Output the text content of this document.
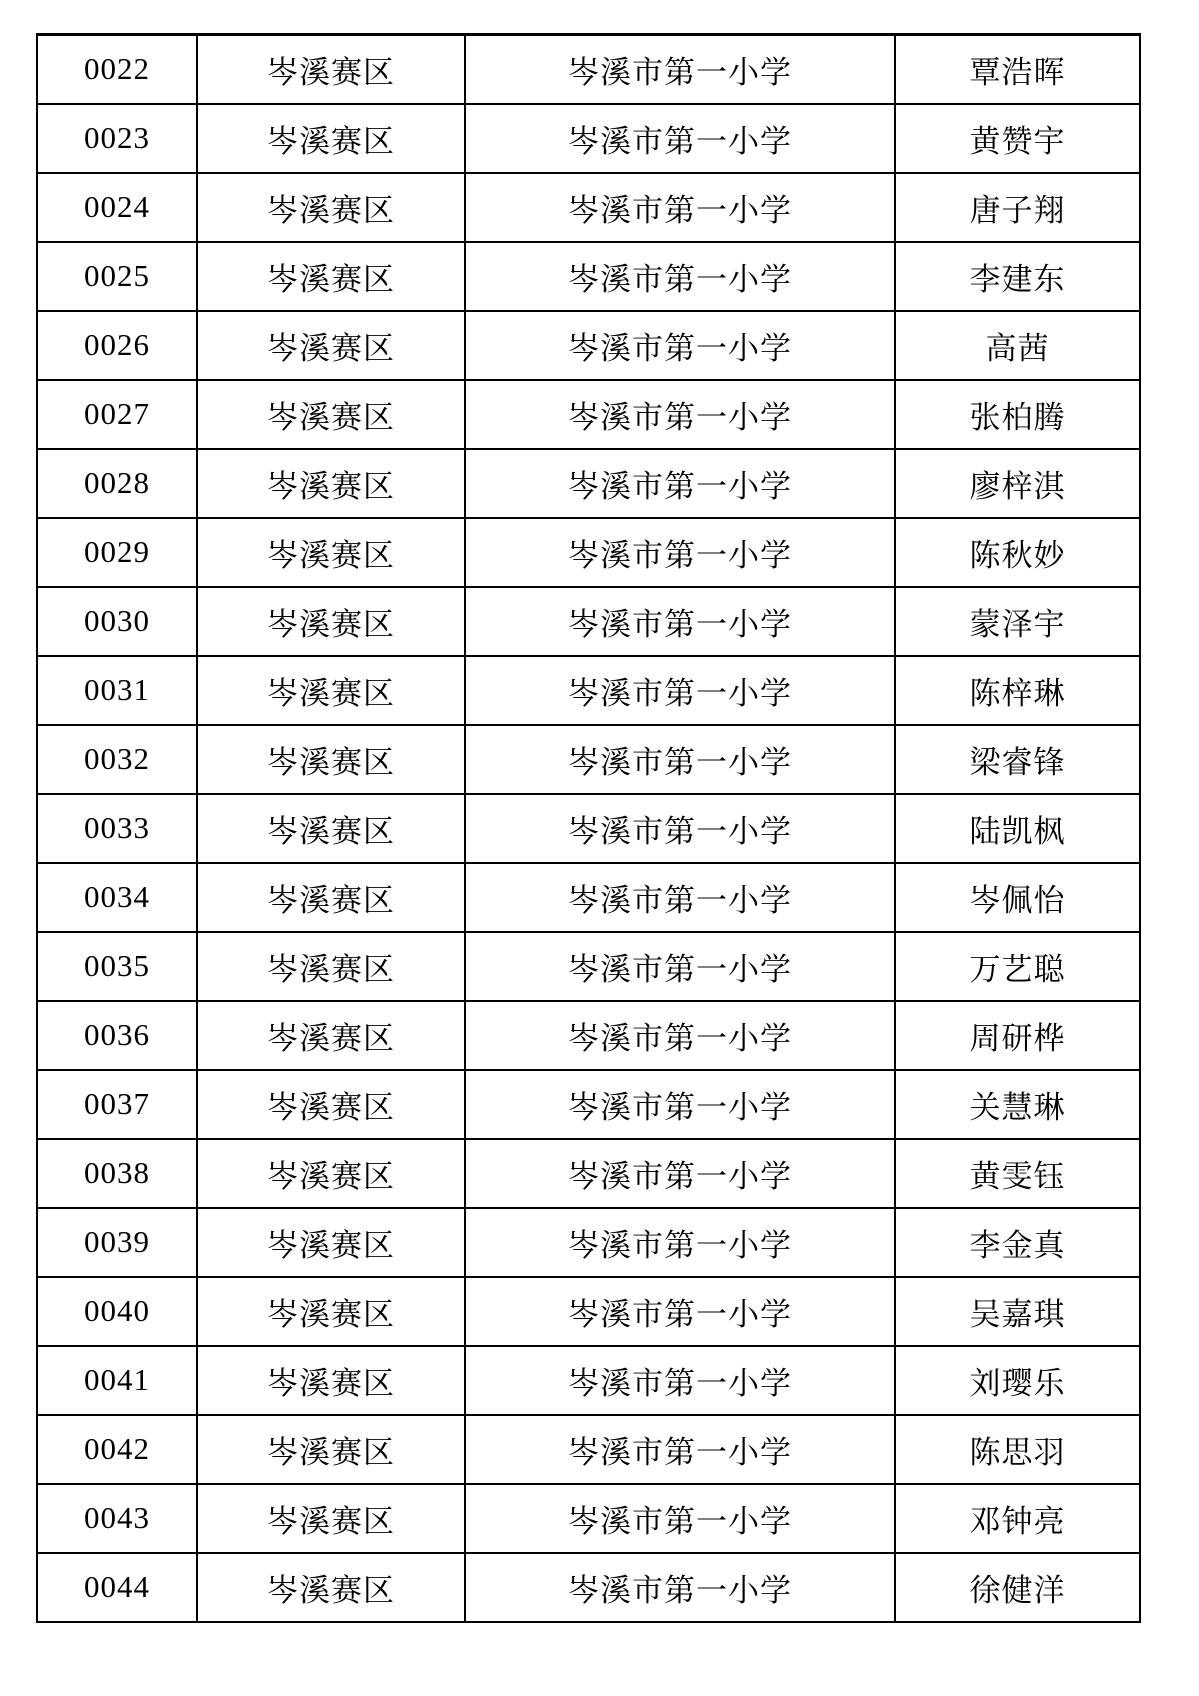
0022	岑溪赛区	岑溪市第一小学	覃浩晖
0023	岑溪赛区	岑溪市第一小学	黄赞宇
0024	岑溪赛区	岑溪市第一小学	唐子翔
0025	岑溪赛区	岑溪市第一小学	李建东
0026	岑溪赛区	岑溪市第一小学	高茜
0027	岑溪赛区	岑溪市第一小学	张柏腾
0028	岑溪赛区	岑溪市第一小学	廖梓淇
0029	岑溪赛区	岑溪市第一小学	陈秋妙
0030	岑溪赛区	岑溪市第一小学	蒙泽宇
0031	岑溪赛区	岑溪市第一小学	陈梓琳
0032	岑溪赛区	岑溪市第一小学	梁睿锋
0033	岑溪赛区	岑溪市第一小学	陆凯枫
0034	岑溪赛区	岑溪市第一小学	岑佩怡
0035	岑溪赛区	岑溪市第一小学	万艺聪
0036	岑溪赛区	岑溪市第一小学	周研桦
0037	岑溪赛区	岑溪市第一小学	关慧琳
0038	岑溪赛区	岑溪市第一小学	黄雯钰
0039	岑溪赛区	岑溪市第一小学	李金真
0040	岑溪赛区	岑溪市第一小学	吴嘉琪
0041	岑溪赛区	岑溪市第一小学	刘璎乐
0042	岑溪赛区	岑溪市第一小学	陈思羽
0043	岑溪赛区	岑溪市第一小学	邓钟亮
0044	岑溪赛区	岑溪市第一小学	徐健洋
